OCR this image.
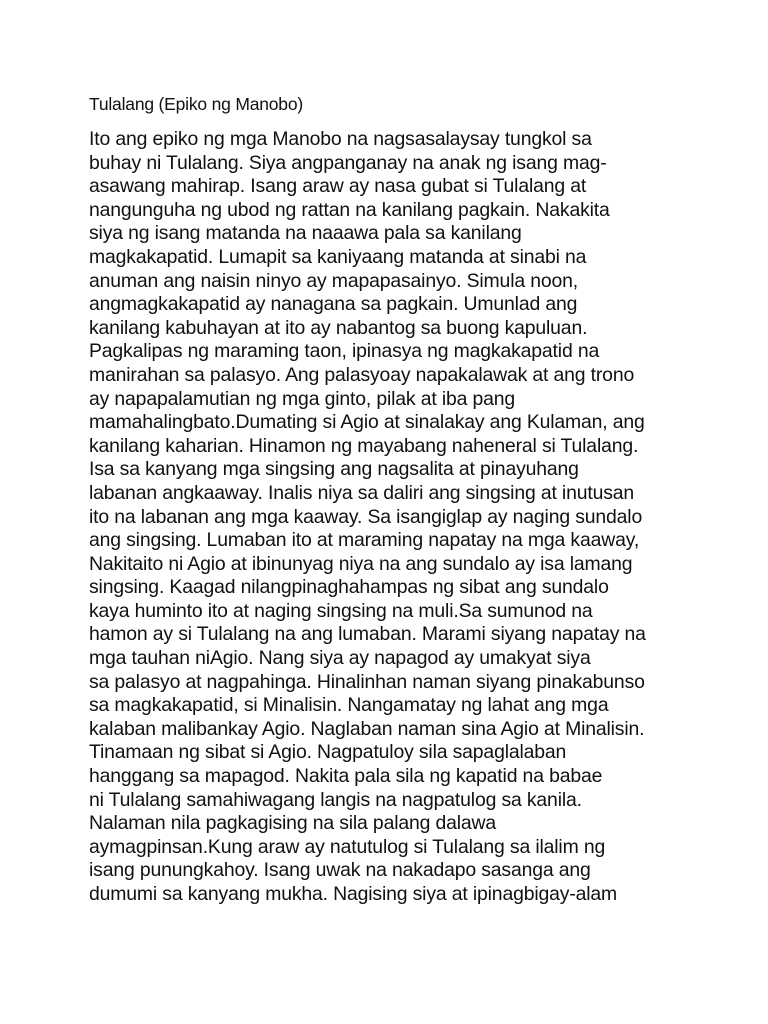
Tulalang (Epiko ng Manobo)
Ito ang epiko ng mga Manobo na nagsasalaysay tungkol sa
buhay ni Tulalang. Siya angpanganay na anak ng isang mag-
asawang mahirap. Isang araw ay nasa gubat si Tulalang at
nangunguha ng ubod ng rattan na kanilang pagkain. Nakakita
siya ng isang matanda na naaawa pala sa kanilang
magkakapatid. Lumapit sa kaniyaang matanda at sinabi na
anuman ang naisin ninyo ay mapapasainyo. Simula noon,
angmagkakapatid ay nanagana sa pagkain. Umunlad ang
kanilang kabuhayan at ito ay nabantog sa buong kapuluan.
Pagkalipas ng maraming taon, ipinasya ng magkakapatid na
manirahan sa palasyo. Ang palasyoay napakalawak at ang trono
ay napapalamutian ng mga ginto, pilak at iba pang
mamahalingbato.Dumating si Agio at sinalakay ang Kulaman, ang
kanilang kaharian. Hinamon ng mayabang naheneral si Tulalang.
Isa sa kanyang mga singsing ang nagsalita at pinayuhang
labanan angkaaway. Inalis niya sa daliri ang singsing at inutusan
ito na labanan ang mga kaaway. Sa isangiglap ay naging sundalo
ang singsing. Lumaban ito at maraming napatay na mga kaaway,
Nakitaito ni Agio at ibinunyag niya na ang sundalo ay isa lamang
singsing. Kaagad nilangpinaghahampas ng sibat ang sundalo
kaya huminto ito at naging singsing na muli.Sa sumunod na
hamon ay si Tulalang na ang lumaban. Marami siyang napatay na
mga tauhan niAgio. Nang siya ay napagod ay umakyat siya
sa palasyo at nagpahinga. Hinalinhan naman siyang pinakabunso
sa magkakapatid, si Minalisin. Nangamatay ng lahat ang mga
kalaban malibankay Agio. Naglaban naman sina Agio at Minalisin.
Tinamaan ng sibat si Agio. Nagpatuloy sila sapaglalaban
hanggang sa mapagod. Nakita pala sila ng kapatid na babae
ni Tulalang samahiwagang langis na nagpatulog sa kanila.
Nalaman nila pagkagising na sila palang dalawa
aymagpinsan.Kung araw ay natutulog si Tulalang sa ilalim ng
isang punungkahoy. Isang uwak na nakadapo sasanga ang
dumumi sa kanyang mukha. Nagising siya at ipinagbigay-alam
